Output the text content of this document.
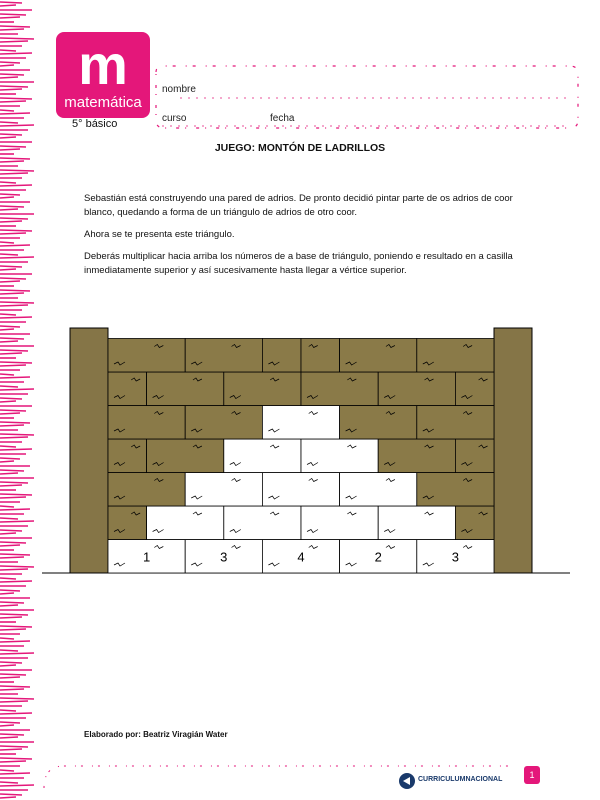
m
matemática
5° básico
nombre
curso	fecha
JUEGO: MONTÓN DE LADRILLOS
Sebastián está construyendo una pared de adrios. De pronto decidió pintar parte de os adrios de coor blanco, quedando a forma de un triángulo de adrios de otro coor.
Ahora se te presenta este triángulo.
Deberás multiplicar hacia arriba los números de a base de triángulo, poniendo e resultado en a casilla inmediatamente superior y así sucesivamente hasta llegar a vértice superior.
1	3	4	2	3
Elaborado por: Beatriz Viragián Water
CURRICULUMNACIONAL	1
